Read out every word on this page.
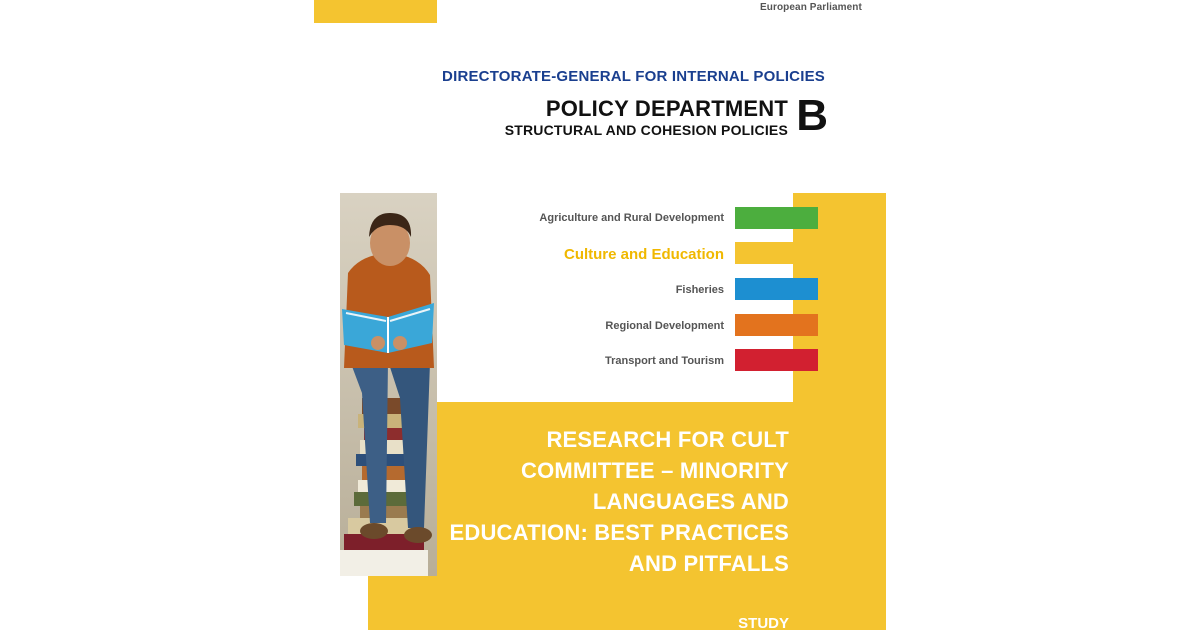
European Parliament
DIRECTORATE-GENERAL FOR INTERNAL POLICIES
POLICY DEPARTMENT
STRUCTURAL AND COHESION POLICIES B
Agriculture and Rural Development
Culture and Education
Fisheries
Regional Development
Transport and Tourism
RESEARCH FOR CULT
COMMITTEE – MINORITY
LANGUAGES AND
EDUCATION: BEST PRACTICES
AND PITFALLS
STUDY
